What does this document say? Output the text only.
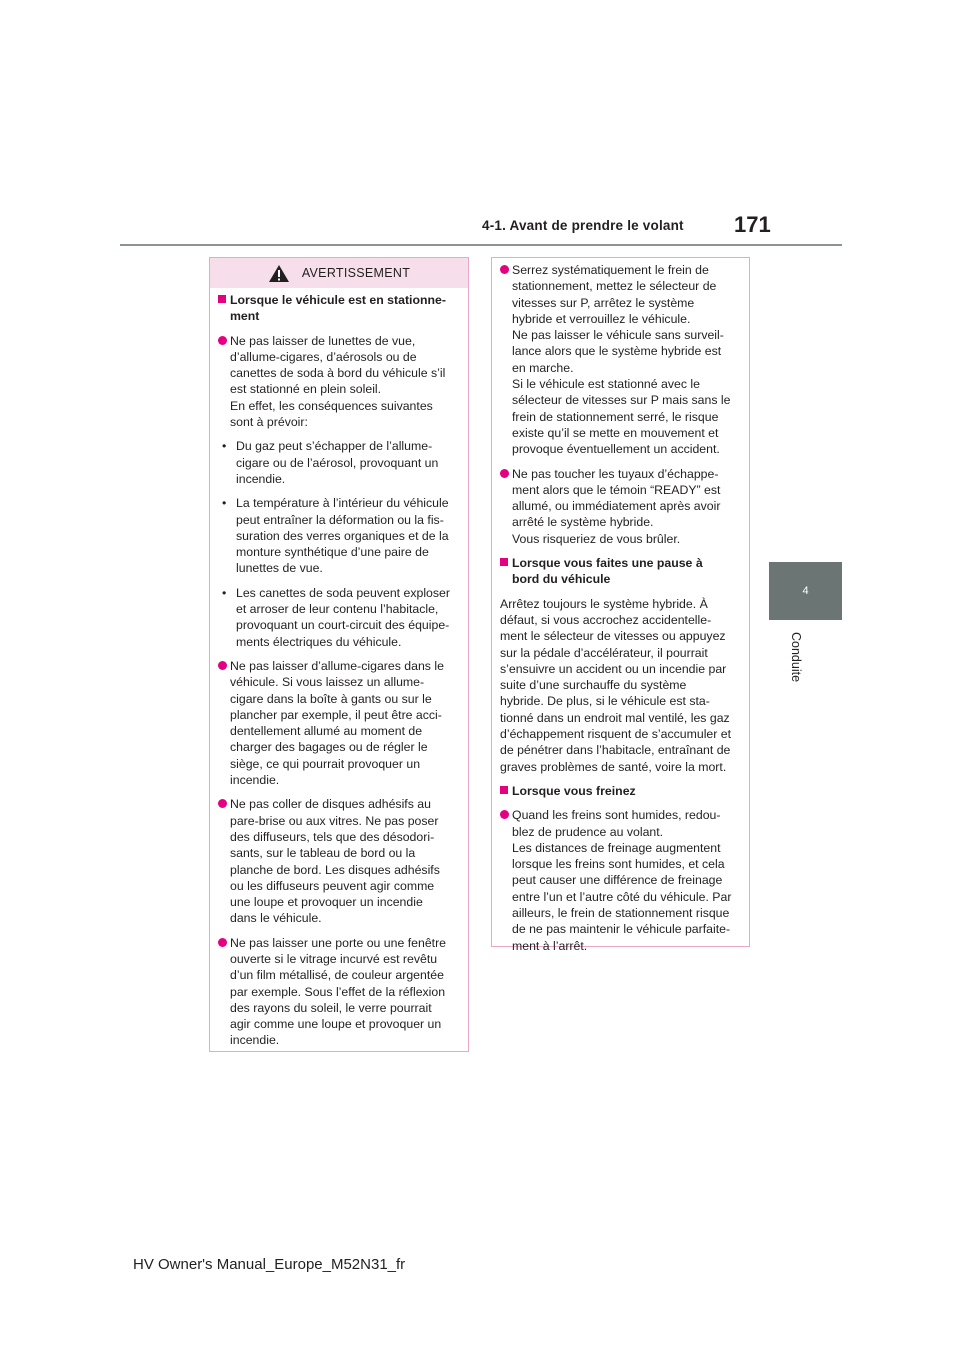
4-1. Avant de prendre le volant 171
4
Conduite
AVERTISSEMENT
Lorsque le véhicule est en stationne-
ment
Ne pas laisser de lunettes de vue,
d’allume-cigares, d’aérosols ou de
canettes de soda à bord du véhicule s’il
est stationné en plein soleil.
En effet, les conséquences suivantes
sont à prévoir:
• Du gaz peut s’échapper de l’allume-
cigare ou de l’aérosol, provoquant un
incendie.
• La température à l’intérieur du véhicule
peut entraîner la déformation ou la fis-
suration des verres organiques et de la
monture synthétique d’une paire de
lunettes de vue.
• Les canettes de soda peuvent exploser
et arroser de leur contenu l’habitacle,
provoquant un court-circuit des équipe-
ments électriques du véhicule.
Ne pas laisser d’allume-cigares dans le
véhicule. Si vous laissez un allume-
cigare dans la boîte à gants ou sur le
plancher par exemple, il peut être acci-
dentellement allumé au moment de
charger des bagages ou de régler le
siège, ce qui pourrait provoquer un
incendie.
Ne pas coller de disques adhésifs au
pare-brise ou aux vitres. Ne pas poser
des diffuseurs, tels que des désodori-
sants, sur le tableau de bord ou la
planche de bord. Les disques adhésifs
ou les diffuseurs peuvent agir comme
une loupe et provoquer un incendie
dans le véhicule.
Ne pas laisser une porte ou une fenêtre
ouverte si le vitrage incurvé est revêtu
d’un film métallisé, de couleur argentée
par exemple. Sous l’effet de la réflexion
des rayons du soleil, le verre pourrait
agir comme une loupe et provoquer un
incendie.
Serrez systématiquement le frein de
stationnement, mettez le sélecteur de
vitesses sur P, arrêtez le système
hybride et verrouillez le véhicule.
Ne pas laisser le véhicule sans surveil-
lance alors que le système hybride est
en marche.
Si le véhicule est stationné avec le
sélecteur de vitesses sur P mais sans le
frein de stationnement serré, le risque
existe qu’il se mette en mouvement et
provoque éventuellement un accident.
Ne pas toucher les tuyaux d’échappe-
ment alors que le témoin “READY” est
allumé, ou immédiatement après avoir
arrêté le système hybride.
Vous risqueriez de vous brûler.
Lorsque vous faites une pause à
bord du véhicule
Arrêtez toujours le système hybride. À
défaut, si vous accrochez accidentelle-
ment le sélecteur de vitesses ou appuyez
sur la pédale d’accélérateur, il pourrait
s’ensuivre un accident ou un incendie par
suite d’une surchauffe du système
hybride. De plus, si le véhicule est sta-
tionné dans un endroit mal ventilé, les gaz
d’échappement risquent de s’accumuler et
de pénétrer dans l’habitacle, entraînant de
graves problèmes de santé, voire la mort.
Lorsque vous freinez
Quand les freins sont humides, redou-
blez de prudence au volant.
Les distances de freinage augmentent
lorsque les freins sont humides, et cela
peut causer une différence de freinage
entre l’un et l’autre côté du véhicule. Par
ailleurs, le frein de stationnement risque
de ne pas maintenir le véhicule parfaite-
ment à l’arrêt.
HV Owner's Manual_Europe_M52N31_fr
